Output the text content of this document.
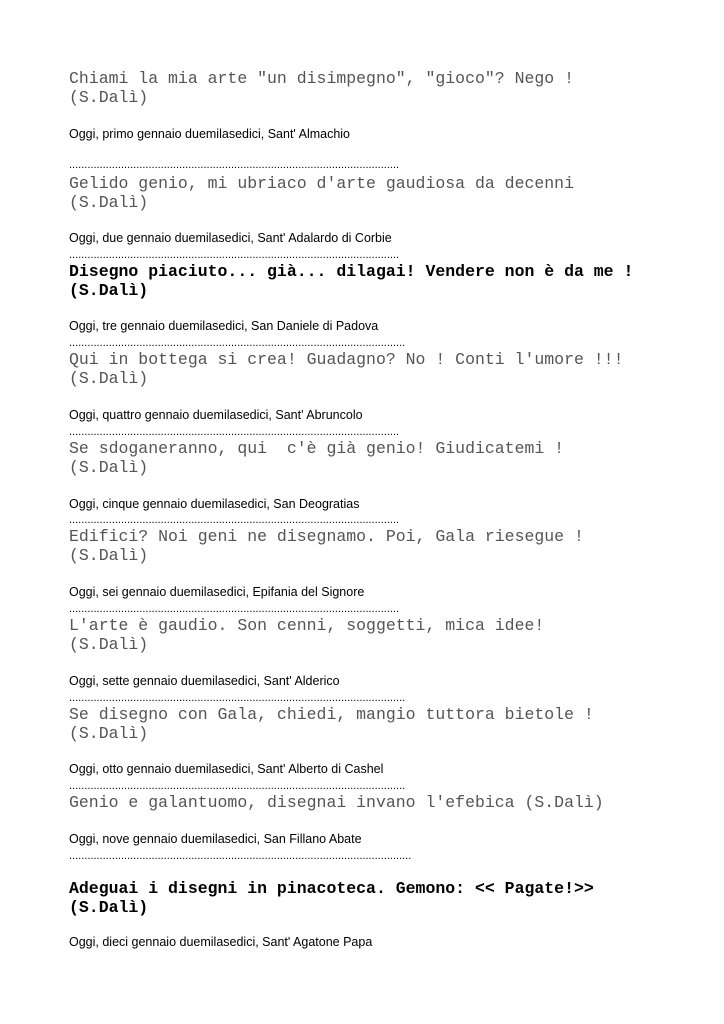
Chiami la mia arte "un disimpegno", "gioco"? Nego !
(S.Dalì)

Oggi, primo gennaio duemilasedici, Sant' Almachio

............................................................................................................

Gelido genio, mi ubriaco d'arte gaudiosa da decenni
(S.Dalì)

Oggi, due gennaio duemilasedici, Sant' Adalardo di Corbie

............................................................................................................

Disegno piaciuto... già... dilagai! Vendere non è da me !
(S.Dalì)

Oggi, tre gennaio duemilasedici, San Daniele di Padova

..............................................................................................................

Qui in bottega si crea! Guadagno? No ! Conti l'umore !!!
(S.Dalì)

Oggi, quattro gennaio duemilasedici, Sant' Abruncolo

............................................................................................................

Se sdoganeranno, qui  c'è già genio! Giudicatemi !
(S.Dalì)

Oggi, cinque gennaio duemilasedici, San Deogratias

............................................................................................................

Edifici? Noi geni ne disegnamo. Poi, Gala riesegue !
(S.Dalì)

Oggi, sei gennaio duemilasedici, Epifania del Signore

............................................................................................................

L'arte è gaudio. Son cenni, soggetti, mica idee!
(S.Dalì)

Oggi, sette gennaio duemilasedici, Sant' Alderico

..............................................................................................................

Se disegno con Gala, chiedi, mangio tuttora bietole !
(S.Dalì)

Oggi, otto gennaio duemilasedici, Sant' Alberto di Cashel

..............................................................................................................

Genio e galantuomo, disegnai invano l'efebica (S.Dalì)

Oggi, nove gennaio duemilasedici, San Fillano Abate

................................................................................................................

Adeguai i disegni in pinacoteca. Gemono: << Pagate!>>
(S.Dalì)

Oggi, dieci gennaio duemilasedici, Sant' Agatone Papa
